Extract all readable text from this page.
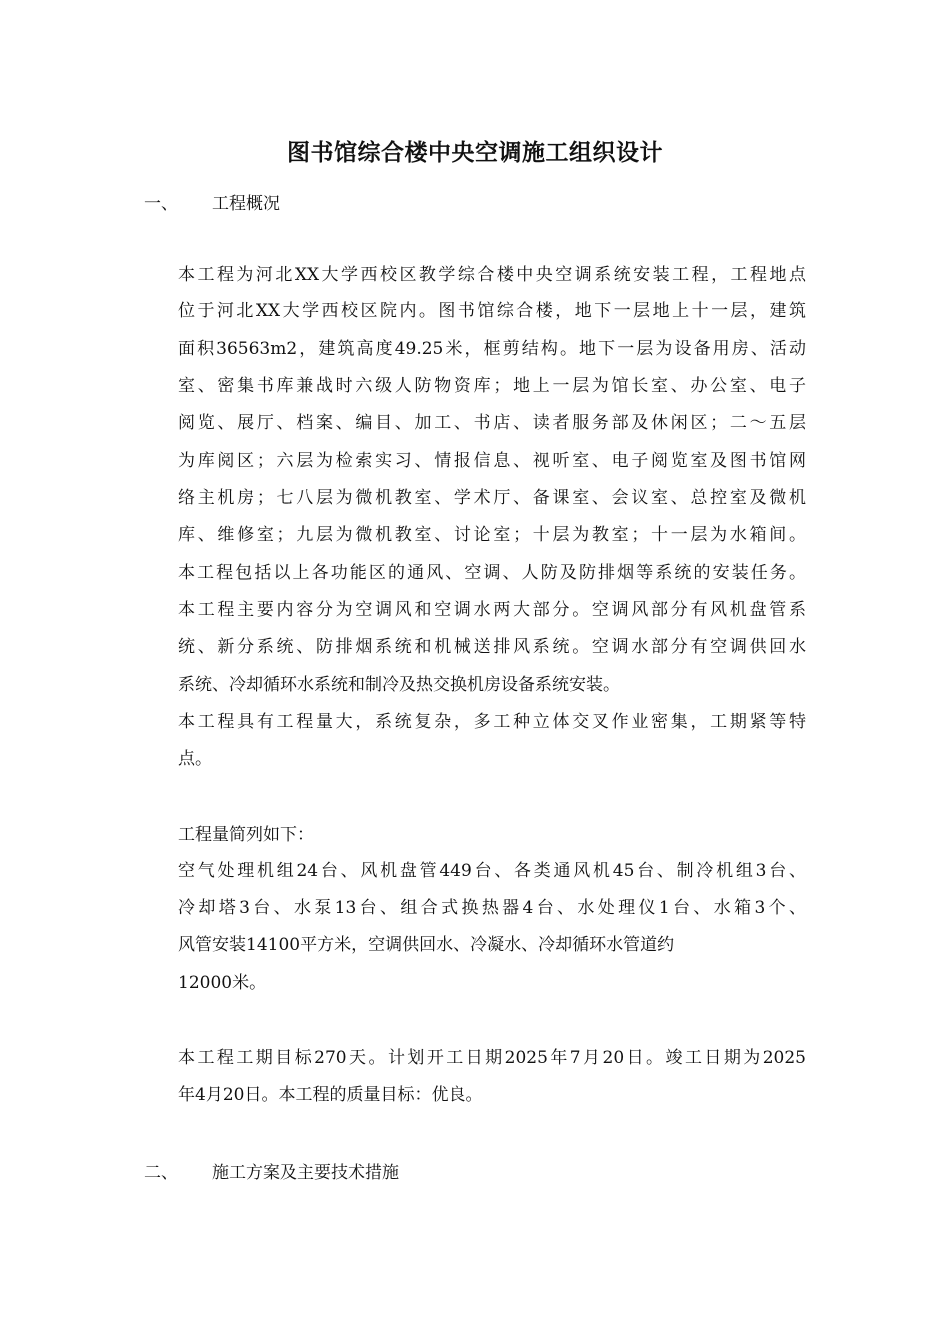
图书馆综合楼中央空调施工组织设计
一、 工程概况

本工程为河北XX大学西校区教学综合楼中央空调系统安装工程，工程地点

位于河北XX大学西校区院内。图书馆综合楼，地下一层地上十一层，建筑

面积36563m2，建筑高度49.25米，框剪结构。地下一层为设备用房、活动

室、密集书库兼战时六级人防物资库；地上一层为馆长室、办公室、电子

阅览、展厅、档案、编目、加工、书店、读者服务部及休闲区；二～五层

为库阅区；六层为检索实习、情报信息、视听室、电子阅览室及图书馆网

络主机房；七八层为微机教室、学术厅、备课室、会议室、总控室及微机

库、维修室；九层为微机教室、讨论室；十层为教室；十一层为水箱间。

本工程包括以上各功能区的通风、空调、人防及防排烟等系统的安装任务。

本工程主要内容分为空调风和空调水两大部分。空调风部分有风机盘管系

统、新分系统、防排烟系统和机械送排风系统。空调水部分有空调供回水

系统、冷却循环水系统和制冷及热交换机房设备系统安装。

本工程具有工程量大，系统复杂，多工种立体交叉作业密集，工期紧等特

点。

工程量简列如下：

空气处理机组24台、风机盘管449台、各类通风机45台、制冷机组3台、

冷却塔3台、水泵13台、组合式换热器4台、水处理仪1台、水箱3个、

风管安装14100平方米，空调供回水、冷凝水、冷却循环水管道约

12000米。

本工程工期目标270天。计划开工日期2025年7月20日。竣工日期为2025

年4月20日。本工程的质量目标：优良。

二、 施工方案及主要技术措施
